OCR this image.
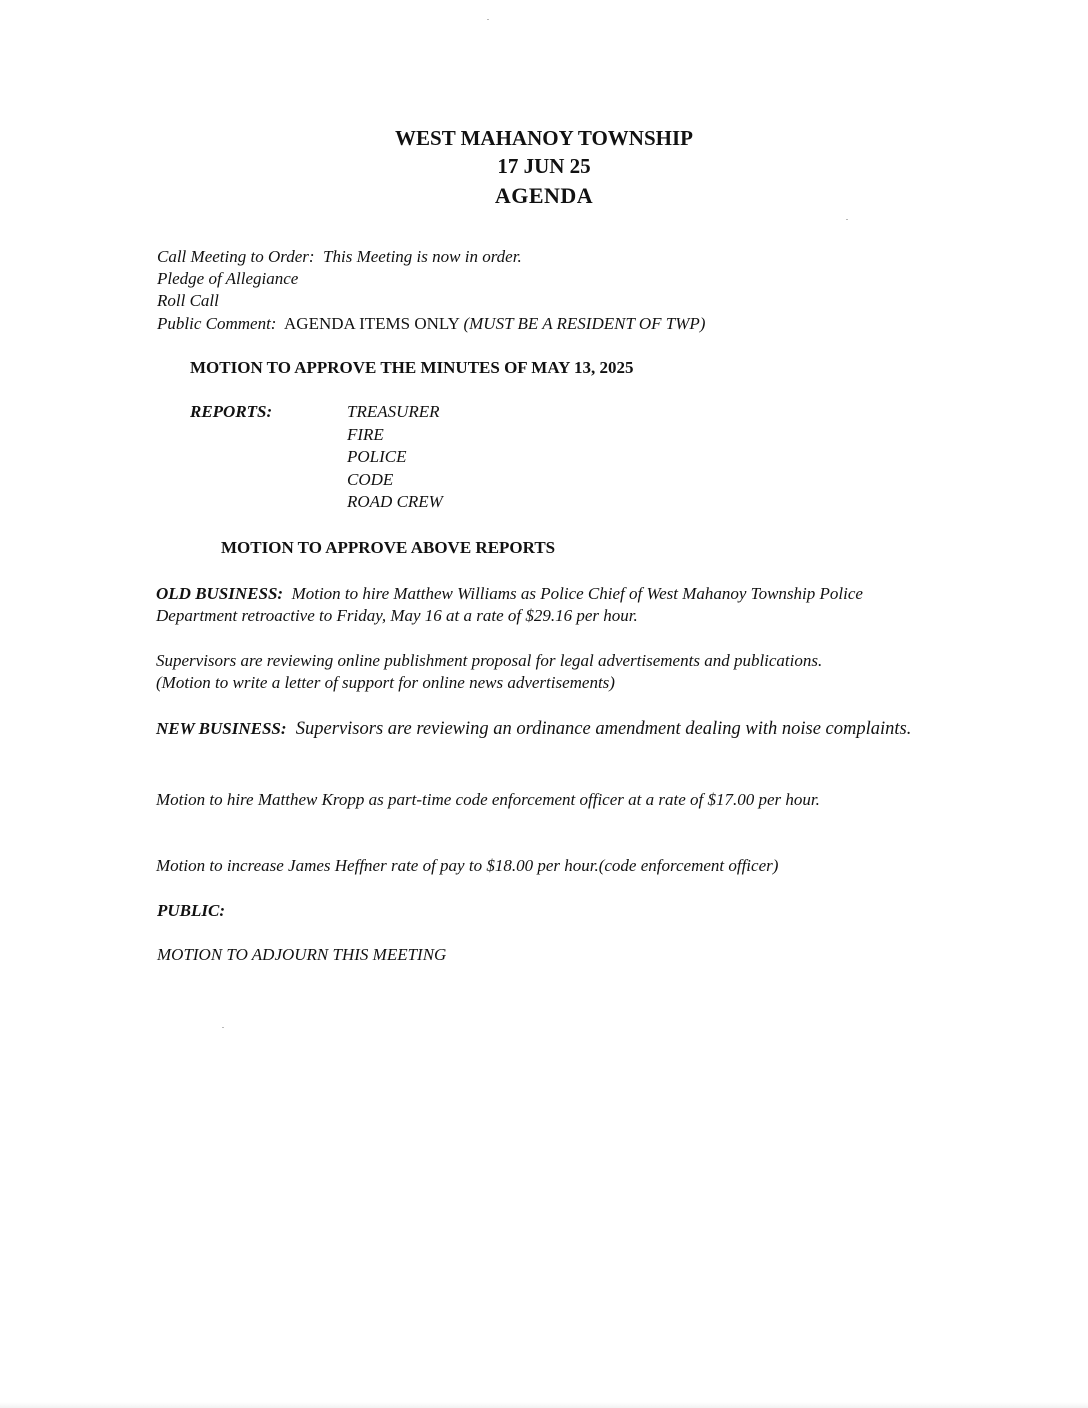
WEST MAHANOY TOWNSHIP
17 JUN 25
AGENDA
Call Meeting to Order: This Meeting is now in order.
Pledge of Allegiance
Roll Call
Public Comment: AGENDA ITEMS ONLY (MUST BE A RESIDENT OF TWP)
MOTION TO APPROVE THE MINUTES OF MAY 13, 2025
REPORTS:	TREASURER
FIRE
POLICE
CODE
ROAD CREW
MOTION TO APPROVE ABOVE REPORTS
OLD BUSINESS: Motion to hire Matthew Williams as Police Chief of West Mahanoy Township Police Department retroactive to Friday, May 16 at a rate of $29.16 per hour.
Supervisors are reviewing online publishment proposal for legal advertisements and publications. (Motion to write a letter of support for online news advertisements)
NEW BUSINESS: Supervisors are reviewing an ordinance amendment dealing with noise complaints.
Motion to hire Matthew Kropp as part-time code enforcement officer at a rate of $17.00 per hour.
Motion to increase James Heffner rate of pay to $18.00 per hour.(code enforcement officer)
PUBLIC:
MOTION TO ADJOURN THIS MEETING
